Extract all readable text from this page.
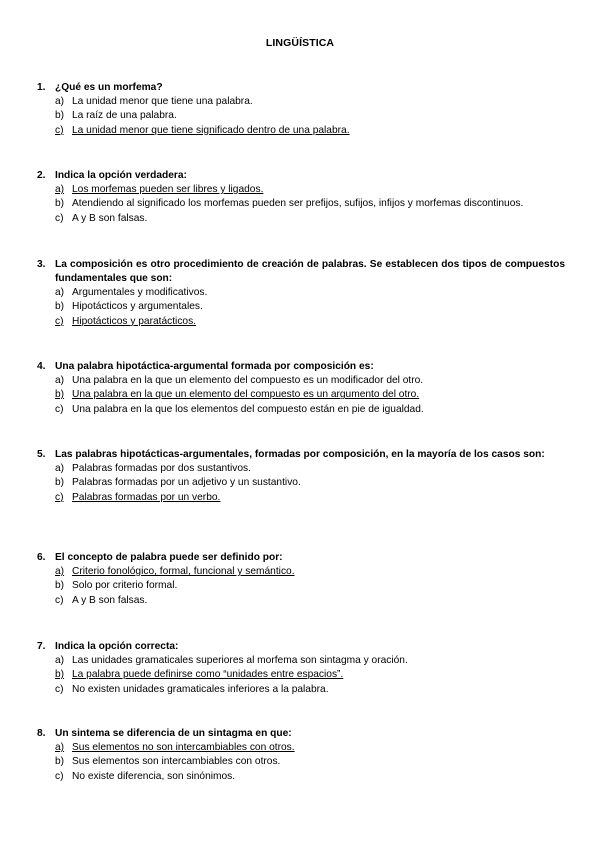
LINGÜÍSTICA
1. ¿Qué es un morfema?
a) La unidad menor que tiene una palabra.
b) La raíz de una palabra.
c) La unidad menor que tiene significado dentro de una palabra.
2. Indica la opción verdadera:
a) Los morfemas pueden ser libres y ligados.
b) Atendiendo al significado los morfemas pueden ser prefijos, sufijos, infijos y morfemas discontinuos.
c) A y B son falsas.
3. La composición es otro procedimiento de creación de palabras. Se establecen dos tipos de compuestos fundamentales que son:
a) Argumentales y modificativos.
b) Hipotácticos y argumentales.
c) Hipotácticos y paratácticos.
4. Una palabra hipotáctica-argumental formada por composición es:
a) Una palabra en la que un elemento del compuesto es un modificador del otro.
b) Una palabra en la que un elemento del compuesto es un argumento del otro.
c) Una palabra en la que los elementos del compuesto están en pie de igualdad.
5. Las palabras hipotácticas-argumentales, formadas por composición, en la mayoría de los casos son:
a) Palabras formadas por dos sustantivos.
b) Palabras formadas por un adjetivo y un sustantivo.
c) Palabras formadas por un verbo.
6. El concepto de palabra puede ser definido por:
a) Criterio fonológico, formal, funcional y semántico.
b) Solo por criterio formal.
c) A y B son falsas.
7. Indica la opción correcta:
a) Las unidades gramaticales superiores al morfema son sintagma y oración.
b) La palabra puede definirse como “unidades entre espacios”.
c) No existen unidades gramaticales inferiores a la palabra.
8. Un sintema se diferencia de un sintagma en que:
a) Sus elementos no son intercambiables con otros.
b) Sus elementos son intercambiables con otros.
c) No existe diferencia, son sinónimos.
